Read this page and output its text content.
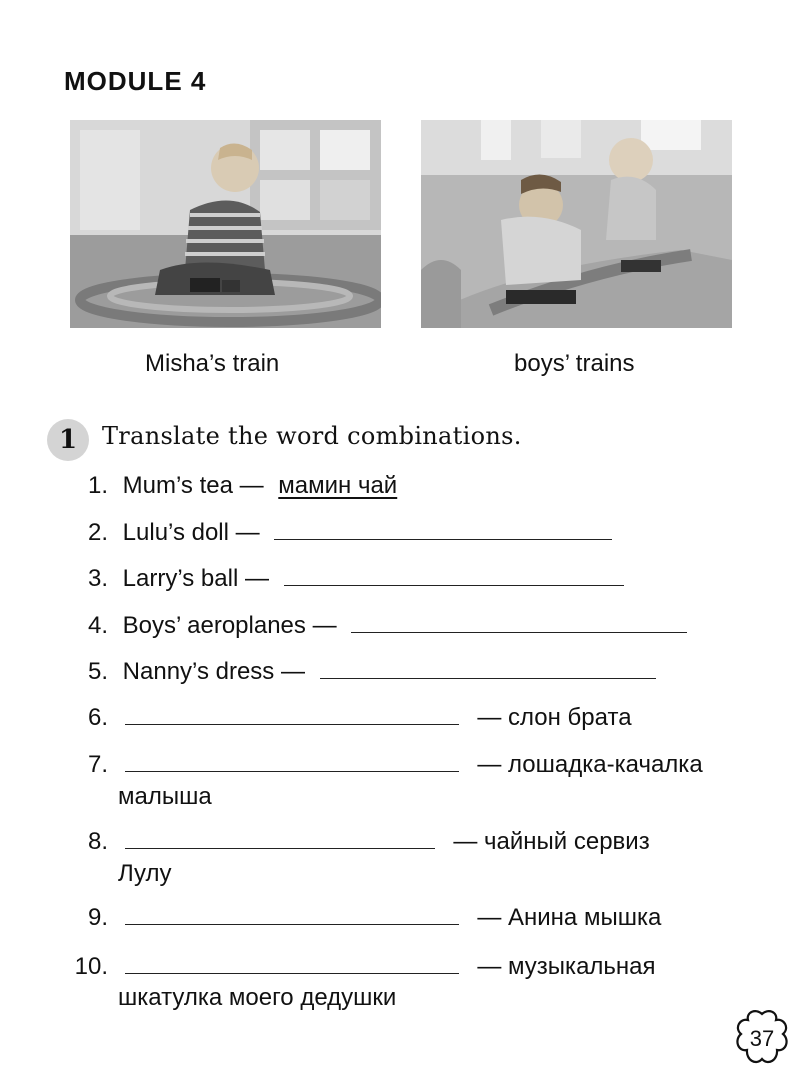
MODULE 4
Misha’s train	boys’ trains
1	Translate the word combinations.
1. Mum’s tea — мамин чай
2. Lulu’s doll —
3. Larry’s ball —
4. Boys’ aeroplanes —
5. Nanny’s dress —
6.	— слон брата
7.	— лошадка-качалка
малыша
8.	— чайный сервиз
Лулу
9.	— Анина мышка
10.	— музыкальная
шкатулка моего дедушки
37
